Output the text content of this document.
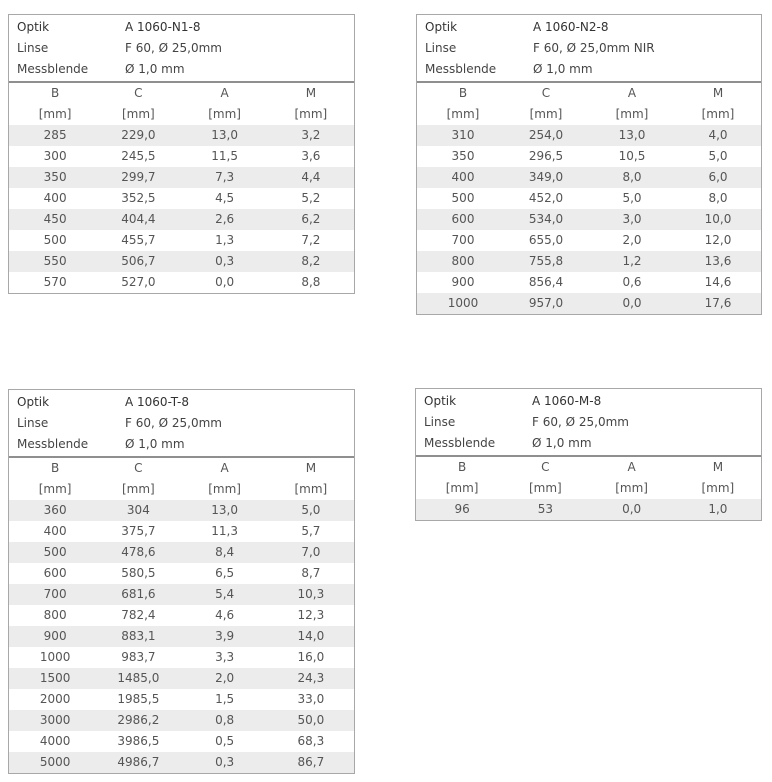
Optik	A 1060-N1-8
Linse	F 60, Ø 25,0mm
Messblende	Ø 1,0 mm
B	C	A	M
[mm]	[mm]	[mm]	[mm]
285	229,0	13,0	3,2
300	245,5	11,5	3,6
350	299,7	7,3	4,4
400	352,5	4,5	5,2
450	404,4	2,6	6,2
500	455,7	1,3	7,2
550	506,7	0,3	8,2
570	527,0	0,0	8,8
Optik	A 1060-N2-8
Linse	F 60, Ø 25,0mm NIR
Messblende	Ø 1,0 mm
B	C	A	M
[mm]	[mm]	[mm]	[mm]
310	254,0	13,0	4,0
350	296,5	10,5	5,0
400	349,0	8,0	6,0
500	452,0	5,0	8,0
600	534,0	3,0	10,0
700	655,0	2,0	12,0
800	755,8	1,2	13,6
900	856,4	0,6	14,6
1000	957,0	0,0	17,6
Optik	A 1060-T-8
Linse	F 60, Ø 25,0mm
Messblende	Ø 1,0 mm
B	C	A	M
[mm]	[mm]	[mm]	[mm]
360	304	13,0	5,0
400	375,7	11,3	5,7
500	478,6	8,4	7,0
600	580,5	6,5	8,7
700	681,6	5,4	10,3
800	782,4	4,6	12,3
900	883,1	3,9	14,0
1000	983,7	3,3	16,0
1500	1485,0	2,0	24,3
2000	1985,5	1,5	33,0
3000	2986,2	0,8	50,0
4000	3986,5	0,5	68,3
5000	4986,7	0,3	86,7
Optik	A 1060-M-8
Linse	F 60, Ø 25,0mm
Messblende	Ø 1,0 mm
B	C	A	M
[mm]	[mm]	[mm]	[mm]
96	53	0,0	1,0
